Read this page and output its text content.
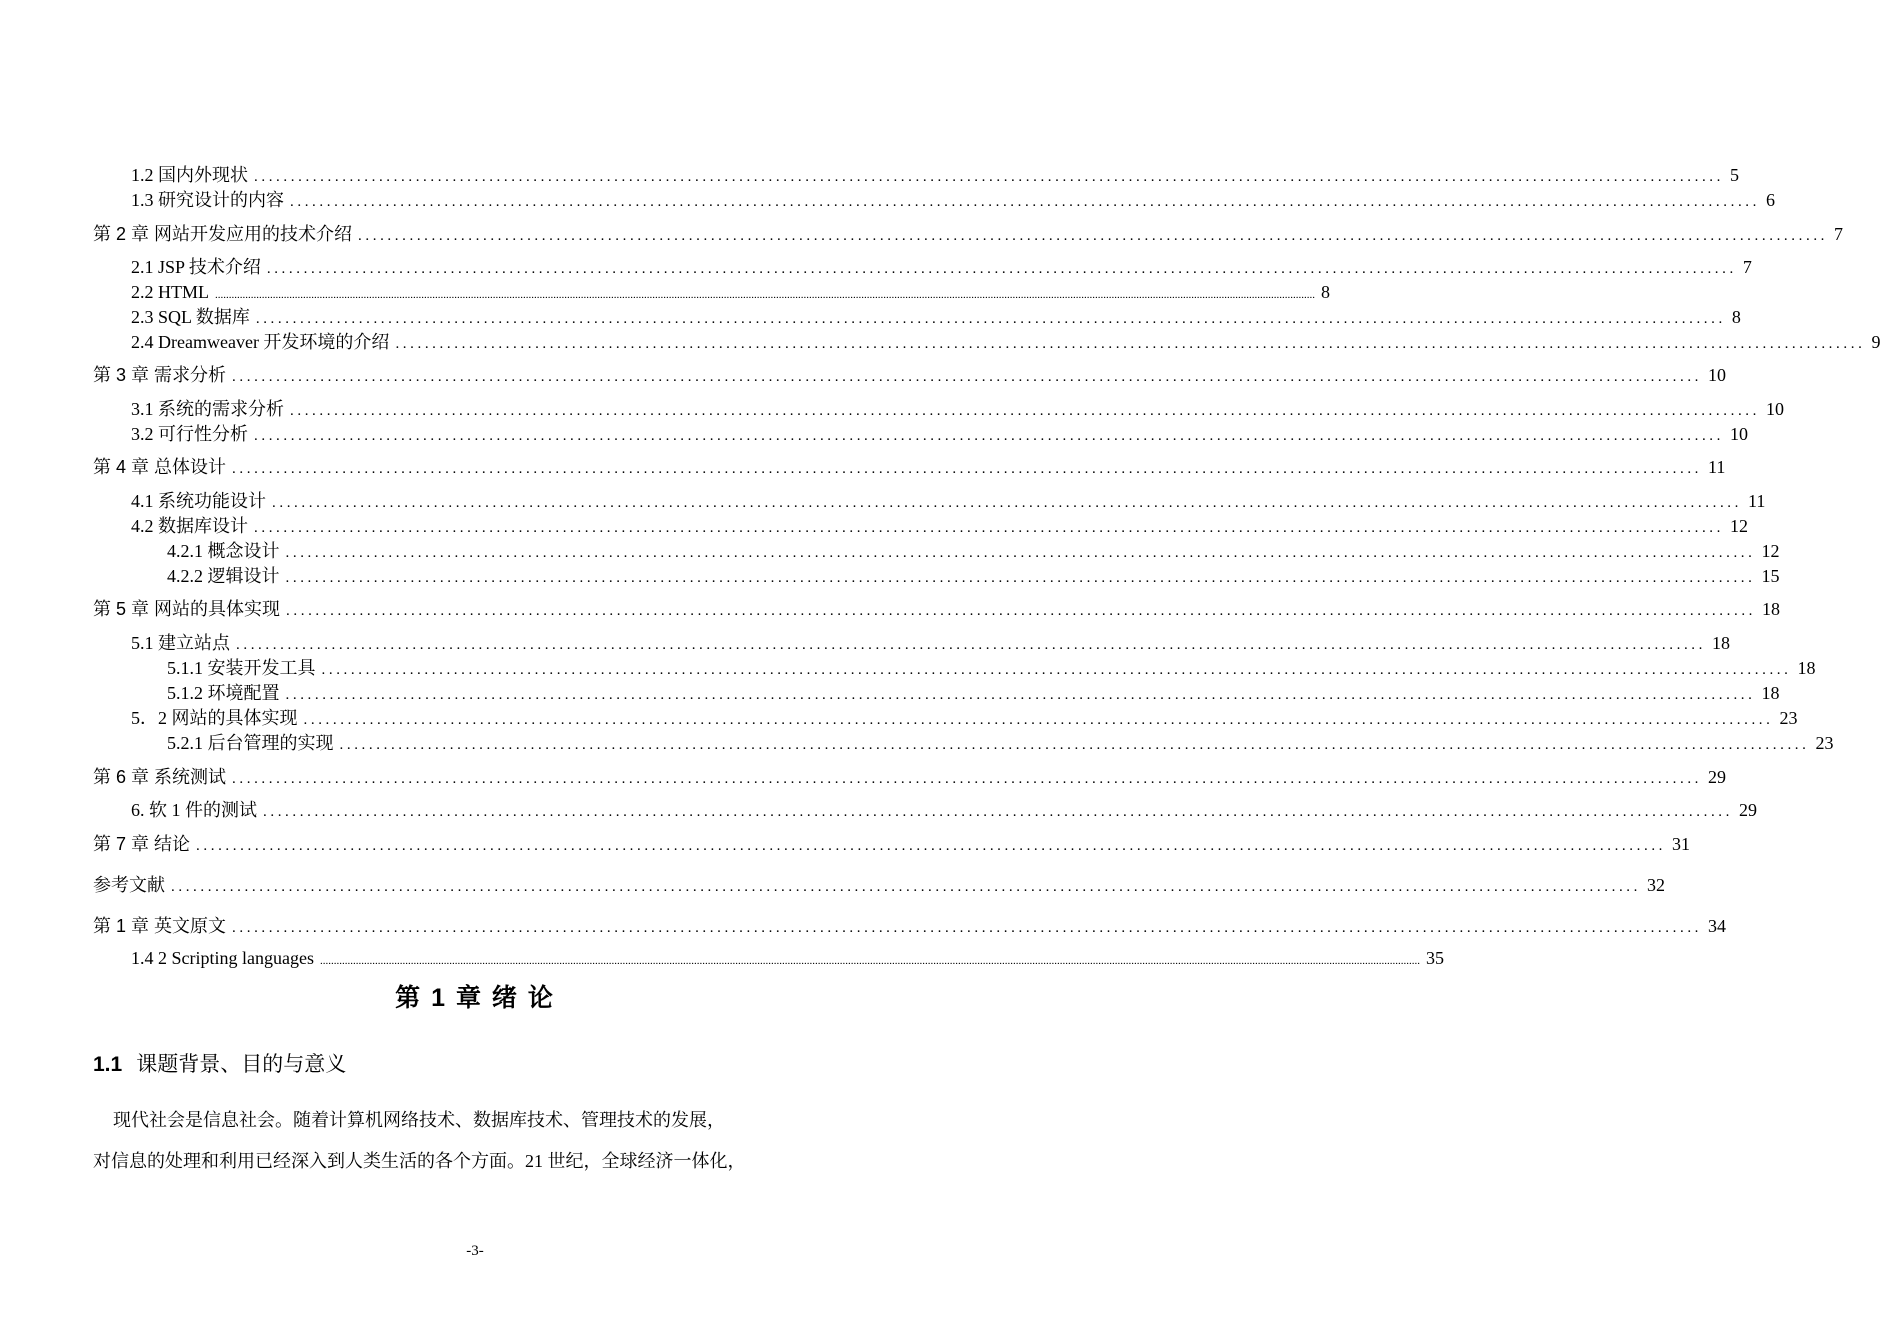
1.2 国内外现状 ........................................................................................................................................................................................................ 5
1.3 研究设计的内容 ........................................................................................................................................................................................................ 6
第 2 章 网站开发应用的技术介绍 ........................................................................................................................................................................................................ 7
2.1 JSP 技术介绍 ........................................................................................................................................................................................................ 7
2.2 HTML ................................................................................................................................................................................................................................................................................................................................................................................................................ 8
2.3 SQL 数据库 ........................................................................................................................................................................................................ 8
2.4 Dreamweaver 开发环境的介绍 ........................................................................................................................................................................................................ 9
第 3 章 需求分析 ........................................................................................................................................................................................................ 10
3.1 系统的需求分析 ........................................................................................................................................................................................................ 10
3.2 可行性分析 ........................................................................................................................................................................................................ 10
第 4 章 总体设计 ........................................................................................................................................................................................................ 11
4.1 系统功能设计 ........................................................................................................................................................................................................ 11
4.2 数据库设计 ........................................................................................................................................................................................................ 12
4.2.1 概念设计 ........................................................................................................................................................................................................ 12
4.2.2 逻辑设计 ........................................................................................................................................................................................................ 15
第 5 章 网站的具体实现 ........................................................................................................................................................................................................ 18
5.1 建立站点 ........................................................................................................................................................................................................ 18
5.1.1 安装开发工具 ........................................................................................................................................................................................................ 18
5.1.2 环境配置 ........................................................................................................................................................................................................ 18
5．2 网站的具体实现 ........................................................................................................................................................................................................ 23
5.2.1 后台管理的实现 ........................................................................................................................................................................................................ 23
第 6 章 系统测试 ........................................................................................................................................................................................................ 29
6. 软 1 件的测试 ........................................................................................................................................................................................................ 29
第 7 章 结论 ........................................................................................................................................................................................................ 31
参考文献 ........................................................................................................................................................................................................ 32
第 1 章 英文原文 ........................................................................................................................................................................................................ 34
1.4 2 Scripting languages ................................................................................................................................................................................................................................................................................................................................................................................................................ 35
第 1 章 绪 论
1.1 课题背景、目的与意义
现代社会是信息社会。随着计算机网络技术、数据库技术、管理技术的发展，
对信息的处理和利用已经深入到人类生活的各个方面。21 世纪，全球经济一体化，
-3-
